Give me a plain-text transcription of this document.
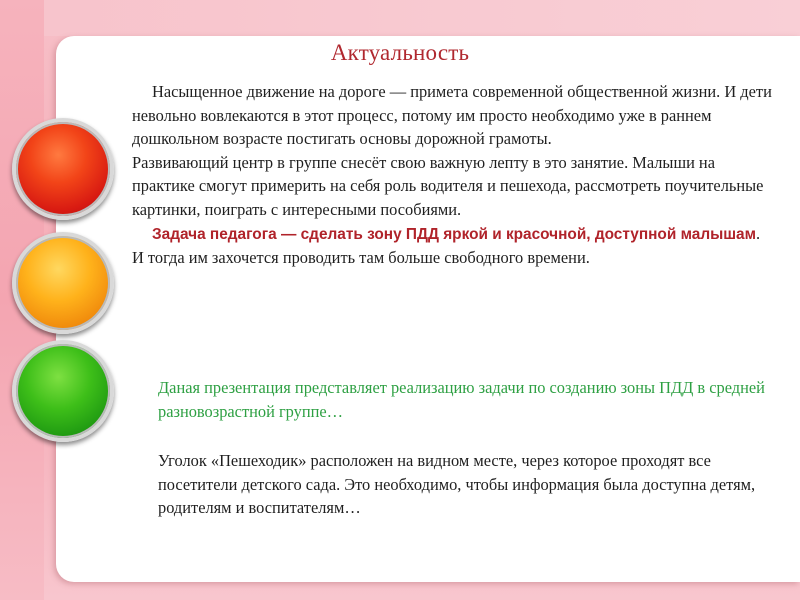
Актуальность

Насыщенное движение на дороге — примета современной общественной жизни. И дети невольно вовлекаются в этот процесс, потому им просто необходимо уже в раннем дошкольном возрасте постигать основы дорожной грамоты.

Развивающий центр в группе снесёт свою важную лепту в это занятие. Малыши на практике смогут примерить на себя роль водителя и пешехода, рассмотреть поучительные картинки, поиграть с интересными пособиями.

Задача педагога — сделать зону ПДД яркой и красочной, доступной малышам. И тогда им захочется проводить там больше свободного времени.

Даная презентация представляет реализацию задачи по созданию зоны ПДД в средней разновозрастной группе…
Уголок «Пешеходик» расположен на видном месте, через которое проходят все посетители детского сада. Это необходимо, чтобы информация была доступна детям, родителям и воспитателям…
